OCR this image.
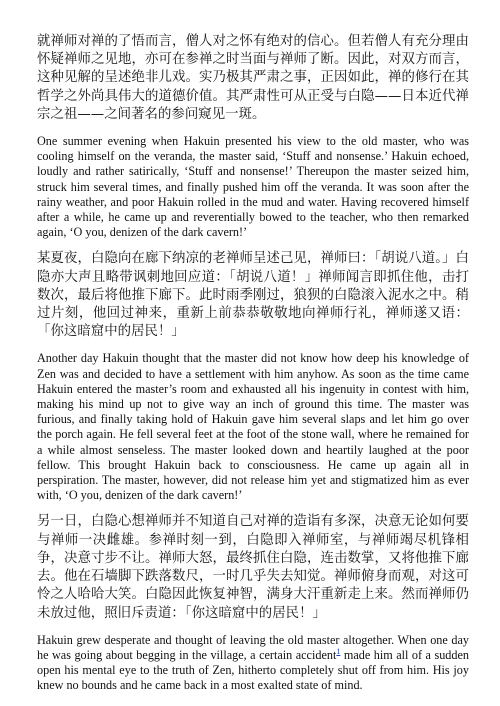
就禅师对禅的了悟而言，僧人对之怀有绝对的信心。但若僧人有充分理由怀疑禅师之见地，亦可在参禅之时当面与禅师了断。因此，对双方而言，这种见解的呈述绝非儿戏。实乃极其严肃之事，正因如此，禅的修行在其哲学之外尚具伟大的道德价值。其严肃性可从正受与白隐——日本近代禅宗之祖——之间著名的参问窥见一斑。

One summer evening when Hakuin presented his view to the old master, who was cooling himself on the veranda, the master said, ‘Stuff and nonsense.’ Hakuin echoed, loudly and rather satirically, ‘Stuff and nonsense!’ Thereupon the master seized him, struck him several times, and finally pushed him off the veranda. It was soon after the rainy weather, and poor Hakuin rolled in the mud and water. Having recovered himself after a while, he came up and reverentially bowed to the teacher, who then remarked again, ‘O you, denizen of the dark cavern!’

某夏夜，白隐向在廊下纳凉的老禅师呈述己见，禅师曰：「胡说八道。」白隐亦大声且略带讽刺地回应道：「胡说八道！」禅师闻言即抓住他，击打数次，最后将他推下廊下。此时雨季刚过，狼狈的白隐滚入泥水之中。稍过片刻，他回过神来，重新上前恭恭敬敬地向禅师行礼，禅师遂又语：「你这暗窟中的居民！」

Another day Hakuin thought that the master did not know how deep his knowledge of Zen was and decided to have a settlement with him anyhow. As soon as the time came Hakuin entered the master’s room and exhausted all his ingenuity in contest with him, making his mind up not to give way an inch of ground this time. The master was furious, and finally taking hold of Hakuin gave him several slaps and let him go over the porch again. He fell several feet at the foot of the stone wall, where he remained for a while almost senseless. The master looked down and heartily laughed at the poor fellow. This brought Hakuin back to consciousness. He came up again all in perspiration. The master, however, did not release him yet and stigmatized him as ever with, ‘O you, denizen of the dark cavern!’

另一日，白隐心想禅师并不知道自己对禅的造诣有多深，决意无论如何要与禅师一决雌雄。参禅时刻一到，白隐即入禅师室，与禅师竭尽机锋相争，决意寸步不让。禅师大怒，最终抓住白隐，连击数掌，又将他推下廊去。他在石墙脚下跌落数尺，一时几乎失去知觉。禅师俯身而观，对这可怜之人哈哈大笑。白隐因此恢复神智，满身大汗重新走上来。然而禅师仍未放过他，照旧斥责道：「你这暗窟中的居民！」

Hakuin grew desperate and thought of leaving the old master altogether. When one day he was going about begging in the village, a certain accident$^1$ made him all of a sudden open his mental eye to the truth of Zen, hitherto completely shut off from him. His joy knew no bounds and he came back in a most exalted state of mind.
